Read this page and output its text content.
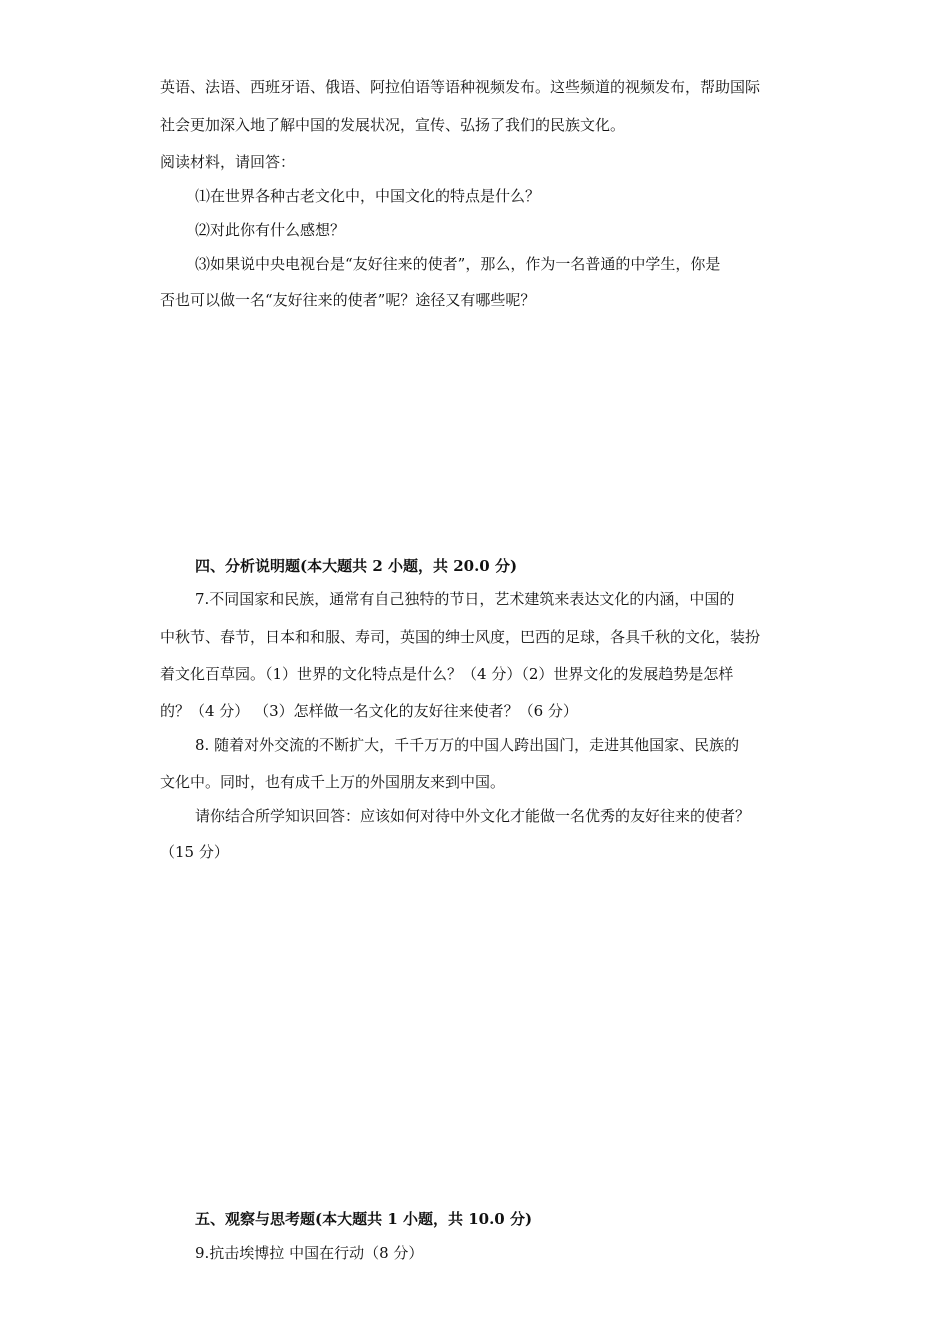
英语、法语、西班牙语、俄语、阿拉伯语等语种视频发布。这些频道的视频发布，帮助国际
社会更加深入地了解中国的发展状况，宣传、弘扬了我们的民族文化。
阅读材料，请回答：
⑴在世界各种古老文化中，中国文化的特点是什么？
⑵对此你有什么感想？
⑶如果说中央电视台是“友好往来的使者”，那么，作为一名普通的中学生，你是
否也可以做一名“友好往来的使者”呢？途径又有哪些呢？
四、分析说明题(本大题共 2 小题，共 20.0 分)
7.不同国家和民族，通常有自己独特的节日，艺术建筑来表达文化的内涵，中国的
中秋节、春节，日本和和服、寿司，英国的绅士风度，巴西的足球，各具千秋的文化，装扮
着文化百草园。（1）世界的文化特点是什么？（4 分）（2）世界文化的发展趋势是怎样
的？（4 分） （3）怎样做一名文化的友好往来使者？（6 分）
8. 随着对外交流的不断扩大，千千万万的中国人跨出国门，走进其他国家、民族的
文化中。同时，也有成千上万的外国朋友来到中国。
请你结合所学知识回答：应该如何对待中外文化才能做一名优秀的友好往来的使者？
（15 分）
五、观察与思考题(本大题共 1 小题，共 10.0 分)
9.抗击埃博拉 中国在行动（8 分）
